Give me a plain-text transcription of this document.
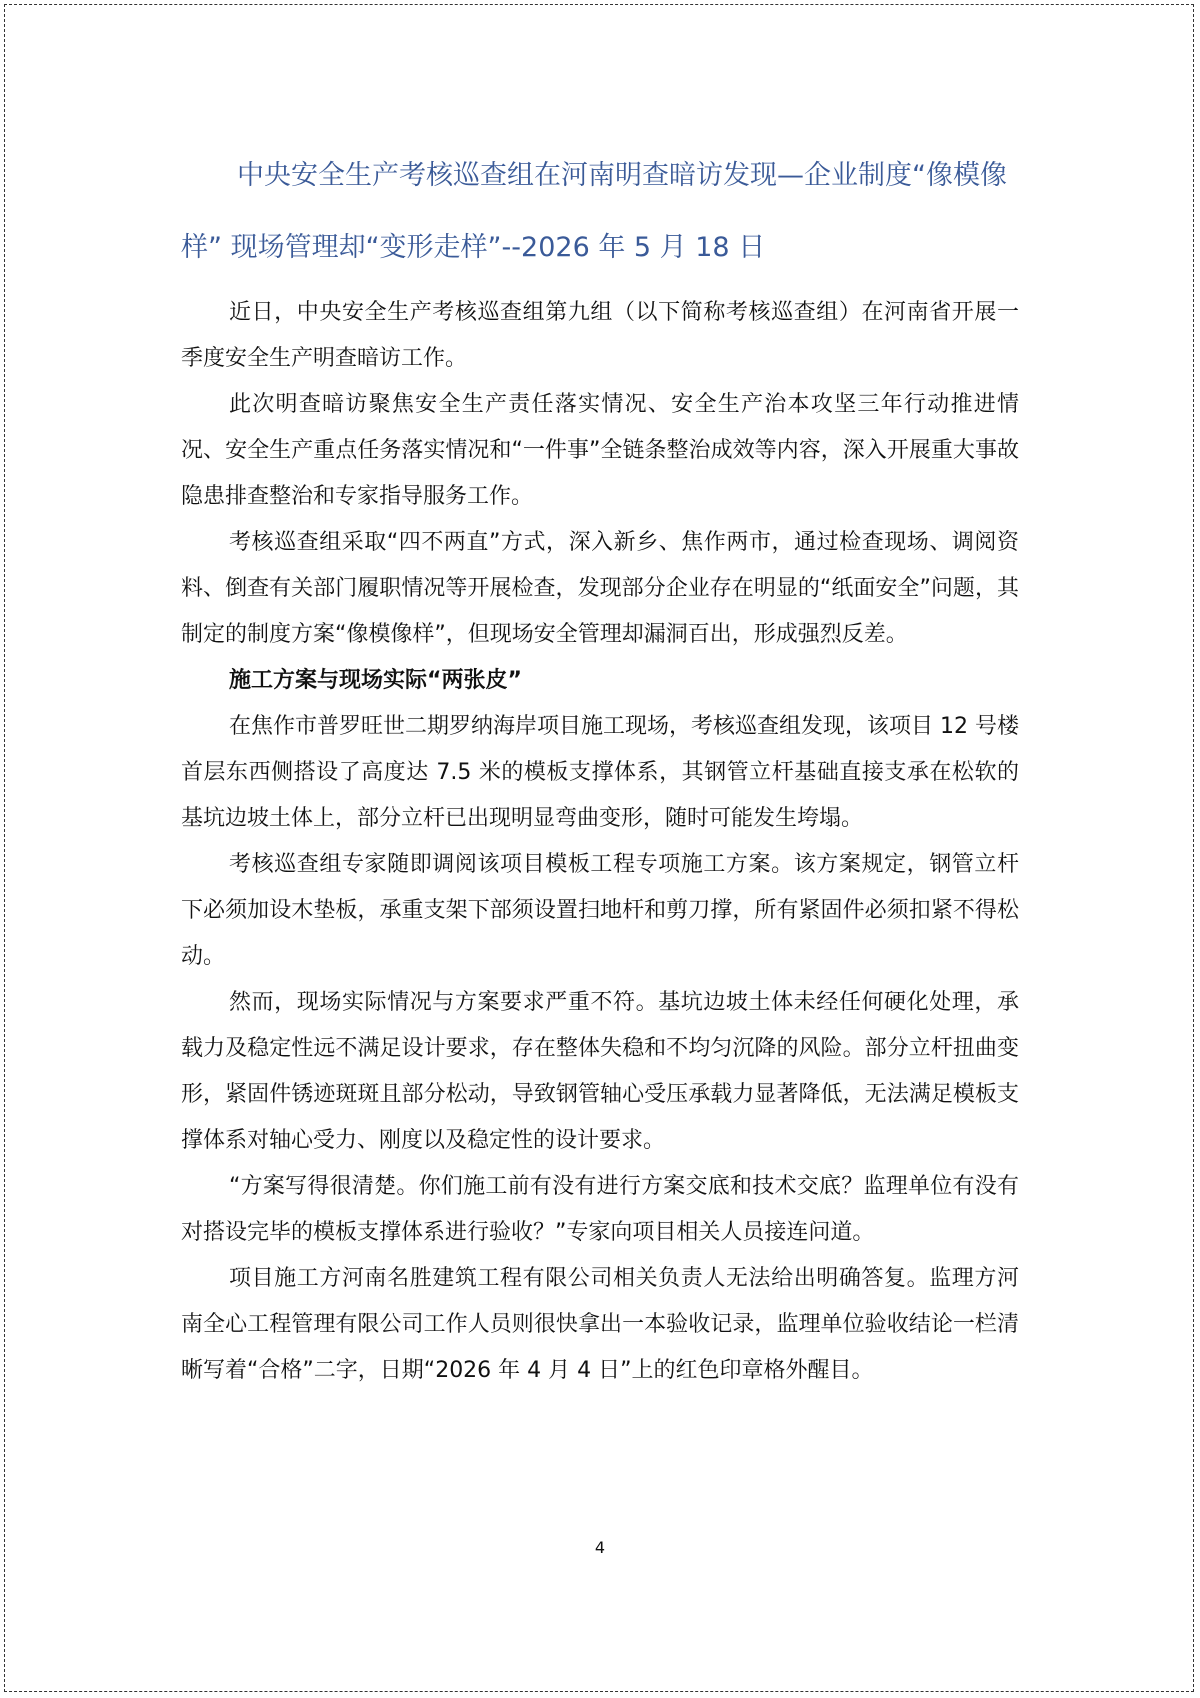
中央安全生产考核巡查组在河南明查暗访发现—企业制度“像模像样” 现场管理却“变形走样”--2026 年 5 月 18 日

近日，中央安全生产考核巡查组第九组（以下简称考核巡查组）在河南省开展一季度安全生产明查暗访工作。

此次明查暗访聚焦安全生产责任落实情况、安全生产治本攻坚三年行动推进情况、安全生产重点任务落实情况和“一件事”全链条整治成效等内容，深入开展重大事故隐患排查整治和专家指导服务工作。

考核巡查组采取“四不两直”方式，深入新乡、焦作两市，通过检查现场、调阅资料、倒查有关部门履职情况等开展检查，发现部分企业存在明显的“纸面安全”问题，其制定的制度方案“像模像样”，但现场安全管理却漏洞百出，形成强烈反差。

施工方案与现场实际“两张皮”

在焦作市普罗旺世二期罗纳海岸项目施工现场，考核巡查组发现，该项目 12 号楼首层东西侧搭设了高度达 7.5 米的模板支撑体系，其钢管立杆基础直接支承在松软的基坑边坡土体上，部分立杆已出现明显弯曲变形，随时可能发生垮塌。

考核巡查组专家随即调阅该项目模板工程专项施工方案。该方案规定，钢管立杆下必须加设木垫板，承重支架下部须设置扫地杆和剪刀撑，所有紧固件必须扣紧不得松动。

然而，现场实际情况与方案要求严重不符。基坑边坡土体未经任何硬化处理，承载力及稳定性远不满足设计要求，存在整体失稳和不均匀沉降的风险。部分立杆扭曲变形，紧固件锈迹斑斑且部分松动，导致钢管轴心受压承载力显著降低，无法满足模板支撑体系对轴心受力、刚度以及稳定性的设计要求。

“方案写得很清楚。你们施工前有没有进行方案交底和技术交底？监理单位有没有对搭设完毕的模板支撑体系进行验收？”专家向项目相关人员接连问道。

项目施工方河南名胜建筑工程有限公司相关负责人无法给出明确答复。监理方河南全心工程管理有限公司工作人员则很快拿出一本验收记录，监理单位验收结论一栏清晰写着“合格”二字，日期“2026 年 4 月 4 日”上的红色印章格外醒目。

4
